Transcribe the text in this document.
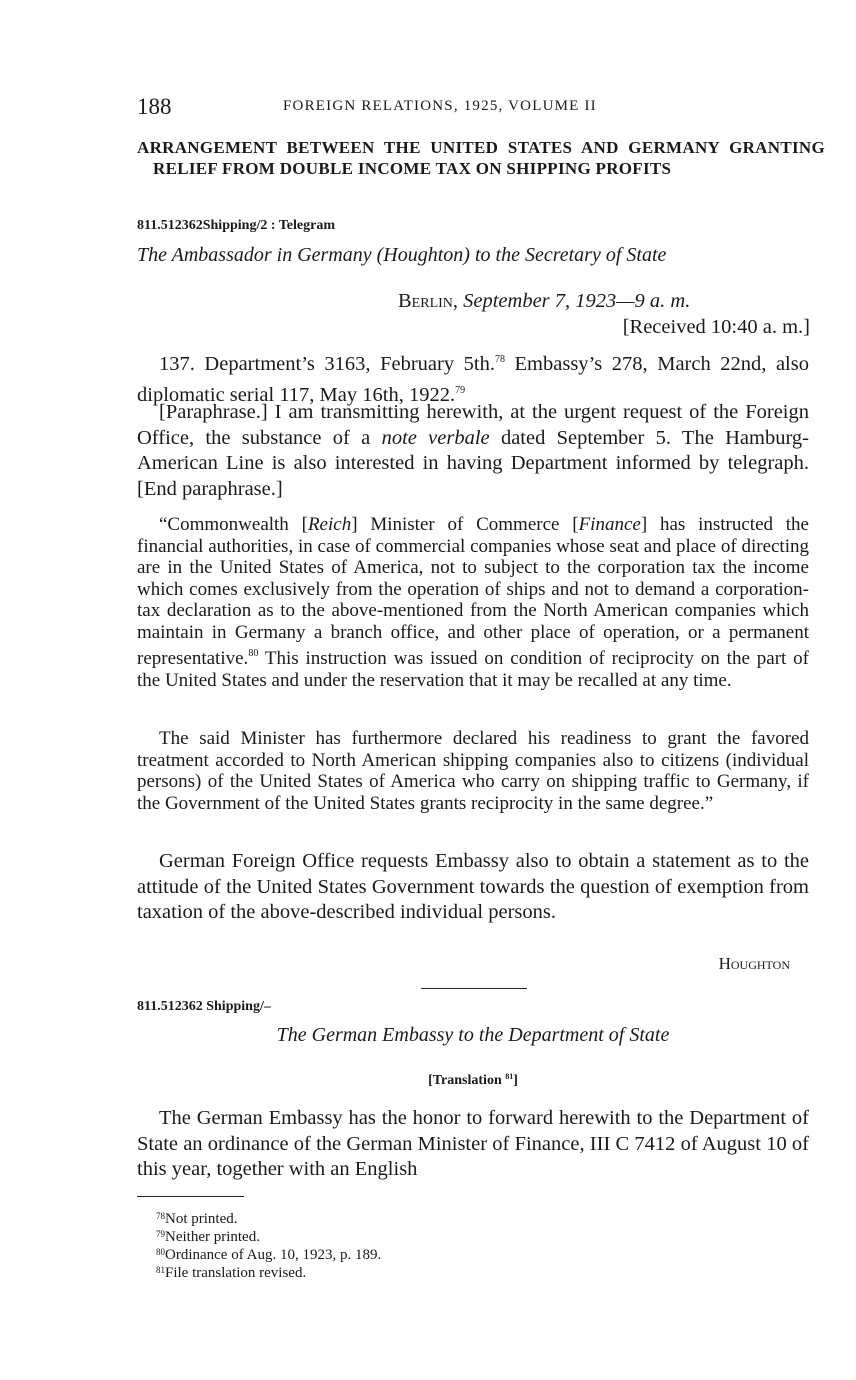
188	FOREIGN RELATIONS, 1925, VOLUME II
ARRANGEMENT BETWEEN THE UNITED STATES AND GERMANY GRANTING RELIEF FROM DOUBLE INCOME TAX ON SHIPPING PROFITS
811.512362Shipping/2 : Telegram
The Ambassador in Germany (Houghton) to the Secretary of State
Berlin, September 7, 1923—9 a. m.
[Received 10:40 a. m.]

137. Department’s 3163, February 5th.$^{78}$ Embassy’s 278, March 22nd, also diplomatic serial 117, May 16th, 1922.79

[Paraphrase.] I am transmitting herewith, at the urgent request of the Foreign Office, the substance of a note verbale dated September 5. The Hamburg-American Line is also interested in having Department informed by telegraph. [End paraphrase.]

“Commonwealth [Reich] Minister of Commerce [Finance] has instructed the financial authorities, in case of commercial companies whose seat and place of directing are in the United States of America, not to subject to the corporation tax the income which comes exclusively from the operation of ships and not to demand a corporation-tax declaration as to the above-mentioned from the North American companies which maintain in Germany a branch office, and other place of operation, or a permanent representative.$^{80}$ This instruction was issued on condition of reciprocity on the part of the United States and under the reservation that it may be recalled at any time.

The said Minister has furthermore declared his readiness to grant the favored treatment accorded to North American shipping companies also to citizens (individual persons) of the United States of America who carry on shipping traffic to Germany, if the Government of the United States grants reciprocity in the same degree.”

German Foreign Office requests Embassy also to obtain a statement as to the attitude of the United States Government towards the question of exemption from taxation of the above-described individual persons.

Houghton
811.512362 Shipping/–
The German Embassy to the Department of State
[Translation $^{81}$]

The German Embassy has the honor to forward herewith to the Department of State an ordinance of the German Minister of Finance, III C 7412 of August 10 of this year, together with an English

$^{78}$Not printed.
$^{79}$Neither printed.
$^{80}$Ordinance of Aug. 10, 1923, p. 189.
$^{81}$File translation revised.
